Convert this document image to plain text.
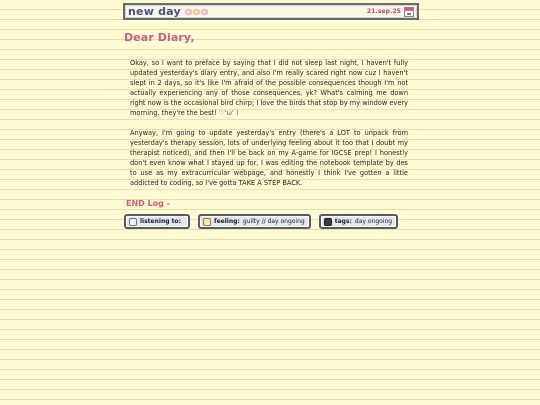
new day	21.sep.25
Dear Diary,

Okay, so I want to preface by saying that I did not sleep last night, I haven't fully updated yesterday's diary entry, and also I'm really scared right now cuz I haven't slept in 2 days, so it's like I'm afraid of the possible consequences though I'm not actually experiencing any of those consequences, yk? What's calming me down right now is the occasional bird chirp; I love the birds that stop by my window every morning, they're the best! ♡'ω' )

Anyway, I'm going to update yesterday's entry (there's a LOT to unpack from yesterday's therapy session, lots of underlying feeling about it too that I doubt my therapist noticed), and then I'll be back on my A-game for IGCSE prep! I honestly don't even know what I stayed up for, I was editing the notebook template by des to use as my extracurricular webpage, and honestly I think I've gotten a little addicted to coding, so I've gotta TAKE A STEP BACK.

END Log -
listening to:	feeling: guilty // day ongoing	tags: day ongoing
